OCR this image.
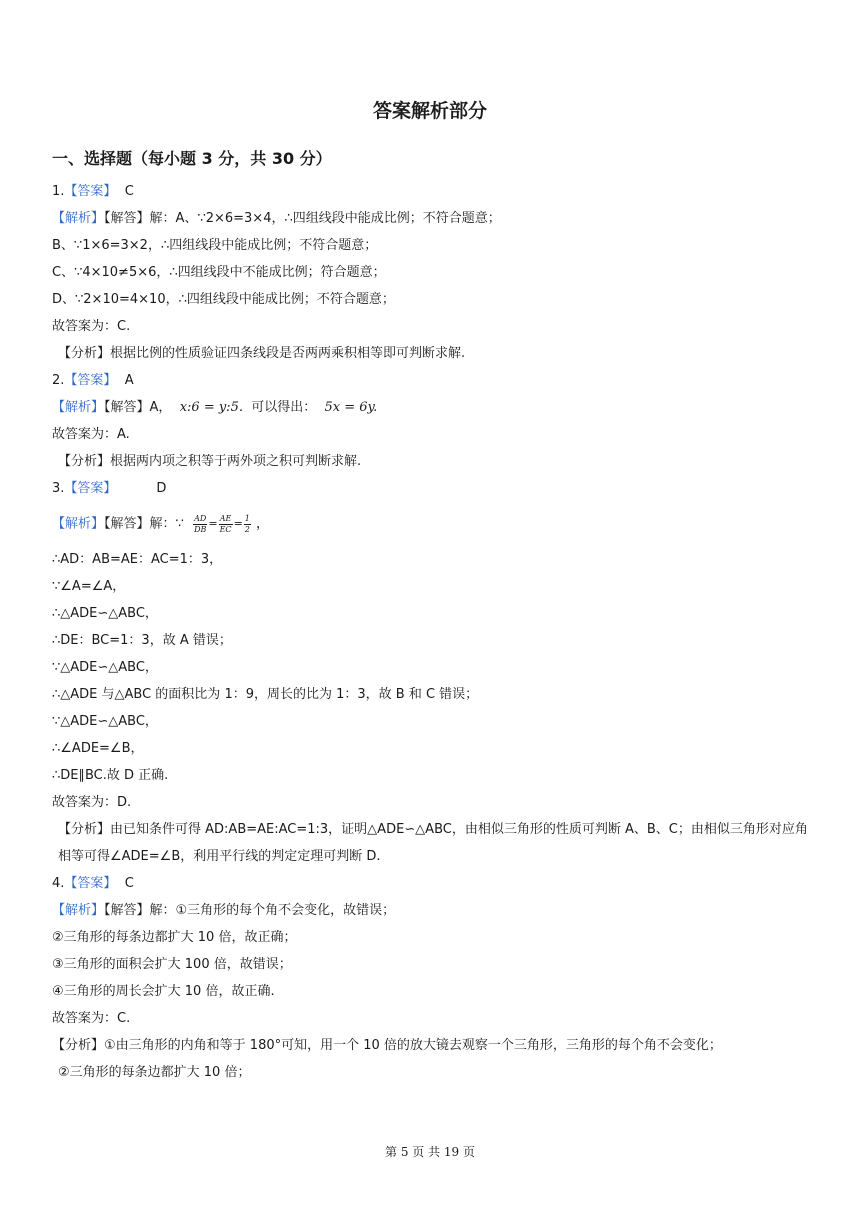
答案解析部分
一、选择题（每小题 3 分，共 30 分）
1.【答案】 C
【解析】【解答】解：A、∵2×6=3×4，∴四组线段中能成比例；不符合题意；
B、∵1×6=3×2，∴四组线段中能成比例；不符合题意；
C、∵4×10≠5×6，∴四组线段中不能成比例；符合题意；
D、∵2×10=4×10，∴四组线段中能成比例；不符合题意；
故答案为：C.
【分析】根据比例的性质验证四条线段是否两两乘积相等即可判断求解.
2.【答案】 A
【解析】【解答】A， x:6 = y:5. 可以得出： 5x = 6y.
故答案为：A.
【分析】根据两内项之积等于两外项之积可判断求解.
3.【答案】	D
【解析】【解答】解：∵ $\frac{AD}{DB} = \frac{AE}{EC} = \frac{1}{2}$ ，
∴AD：AB=AE：AC=1：3，
∵∠A=∠A，
∴△ADE∽△ABC，
∴DE：BC=1：3，故 A 错误；
∵△ADE∽△ABC，
∴△ADE 与△ABC 的面积比为 1：9，周长的比为 1：3，故 B 和 C 错误；
∵△ADE∽△ABC，
∴∠ADE=∠B，
∴DE∥BC.故 D 正确.
故答案为：D.
【分析】由已知条件可得 AD:AB=AE:AC=1:3，证明△ADE∽△ABC，由相似三角形的性质可判断 A、B、C；由相似三角形对应角相等可得∠ADE=∠B，利用平行线的判定定理可判断 D.
4.【答案】 C
【解析】【解答】解：①三角形的每个角不会变化，故错误；
②三角形的每条边都扩大 10 倍，故正确；
③三角形的面积会扩大 100 倍，故错误；
④三角形的周长会扩大 10 倍，故正确.
故答案为：C.
【分析】①由三角形的内角和等于 180°可知，用一个 10 倍的放大镜去观察一个三角形，三角形的每个角不会变化；
②三角形的每条边都扩大 10 倍；
第 5 页 共 19 页
